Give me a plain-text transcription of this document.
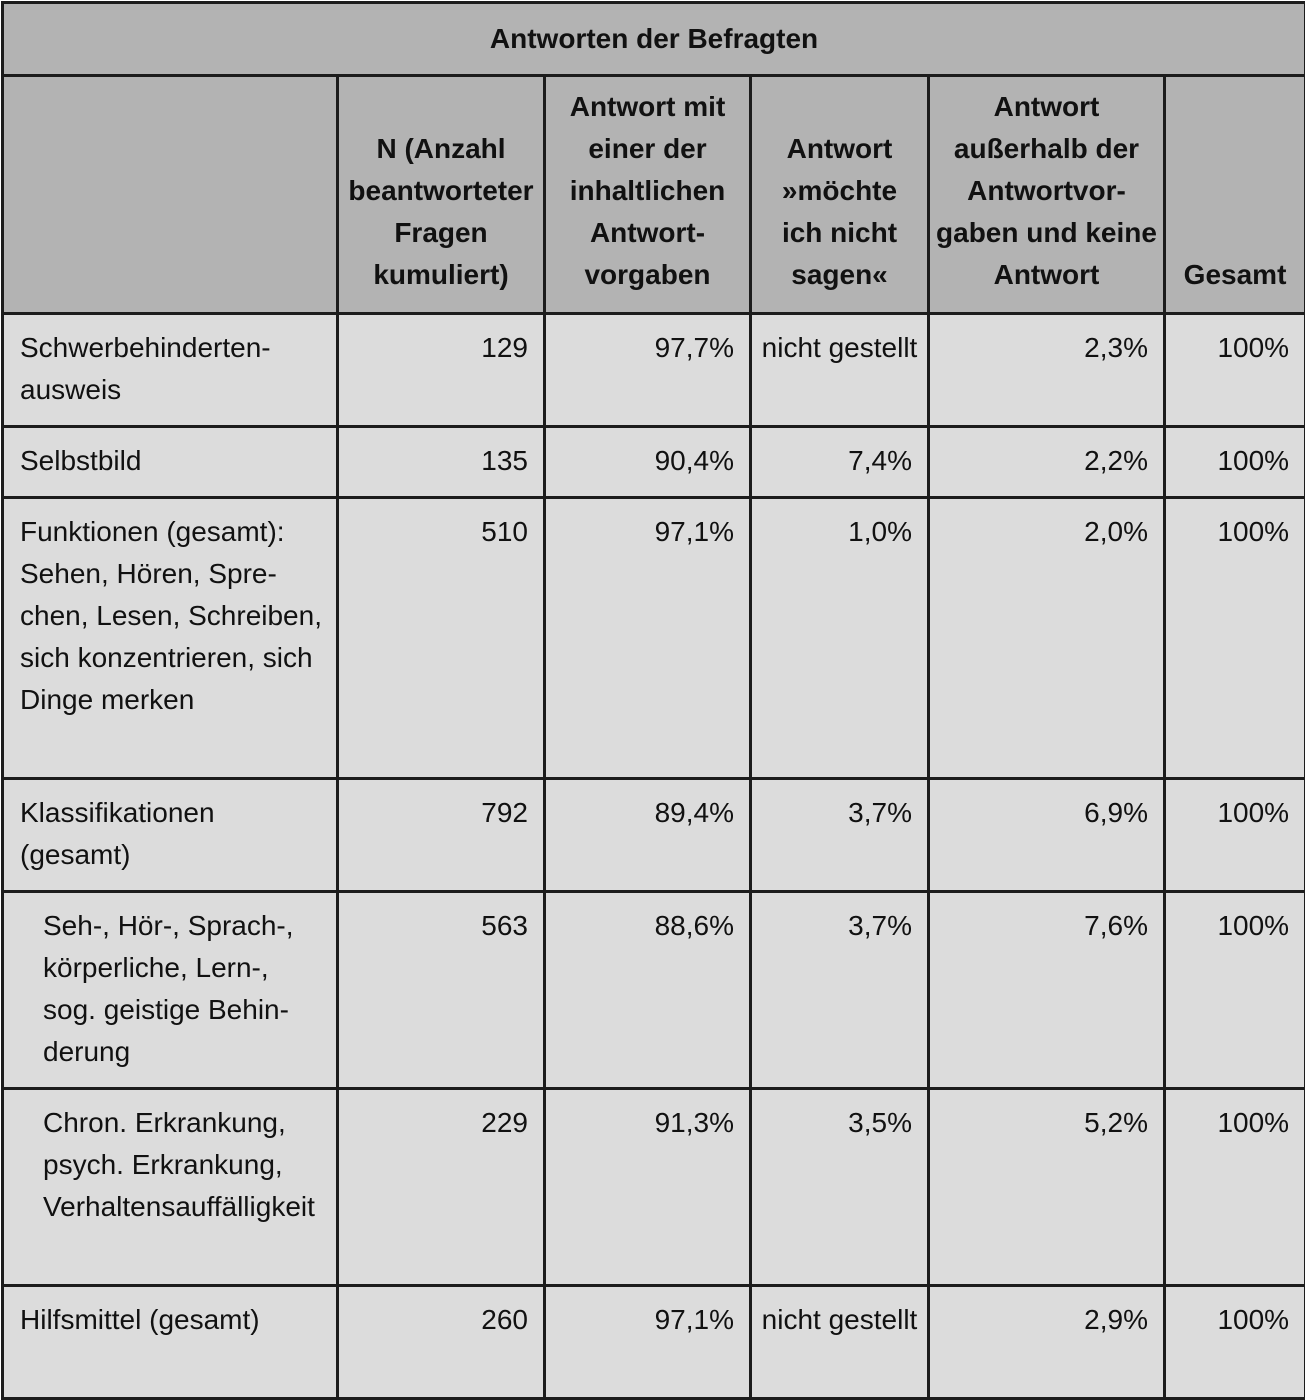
Antworten der Befragten					
	N (Anzahl beantworteter Fragen kumuliert)	Antwort mit einer der inhaltlichen Antwortvorgaben	Antwort »möchte ich nicht sagen«	Antwort außerhalb der Antwortvorgaben und keine Antwort	Gesamt
Schwerbehindertenausweis	129	97,7%	nicht gestellt	2,3%	100%
Selbstbild	135	90,4%	7,4%	2,2%	100%
Funktionen (gesamt): Sehen, Hören, Sprechen, Lesen, Schreiben, sich konzentrieren, sich Dinge merken	510	97,1%	1,0%	2,0%	100%
Klassifikationen (gesamt)	792	89,4%	3,7%	6,9%	100%
Seh-, Hör-, Sprach-, körperliche, Lern-, sog. geistige Behinderung	563	88,6%	3,7%	7,6%	100%
Chron. Erkrankung, psych. Erkrankung, Verhaltensauffälligkeit	229	91,3%	3,5%	5,2%	100%
Hilfsmittel (gesamt)	260	97,1%	nicht gestellt	2,9%	100%
